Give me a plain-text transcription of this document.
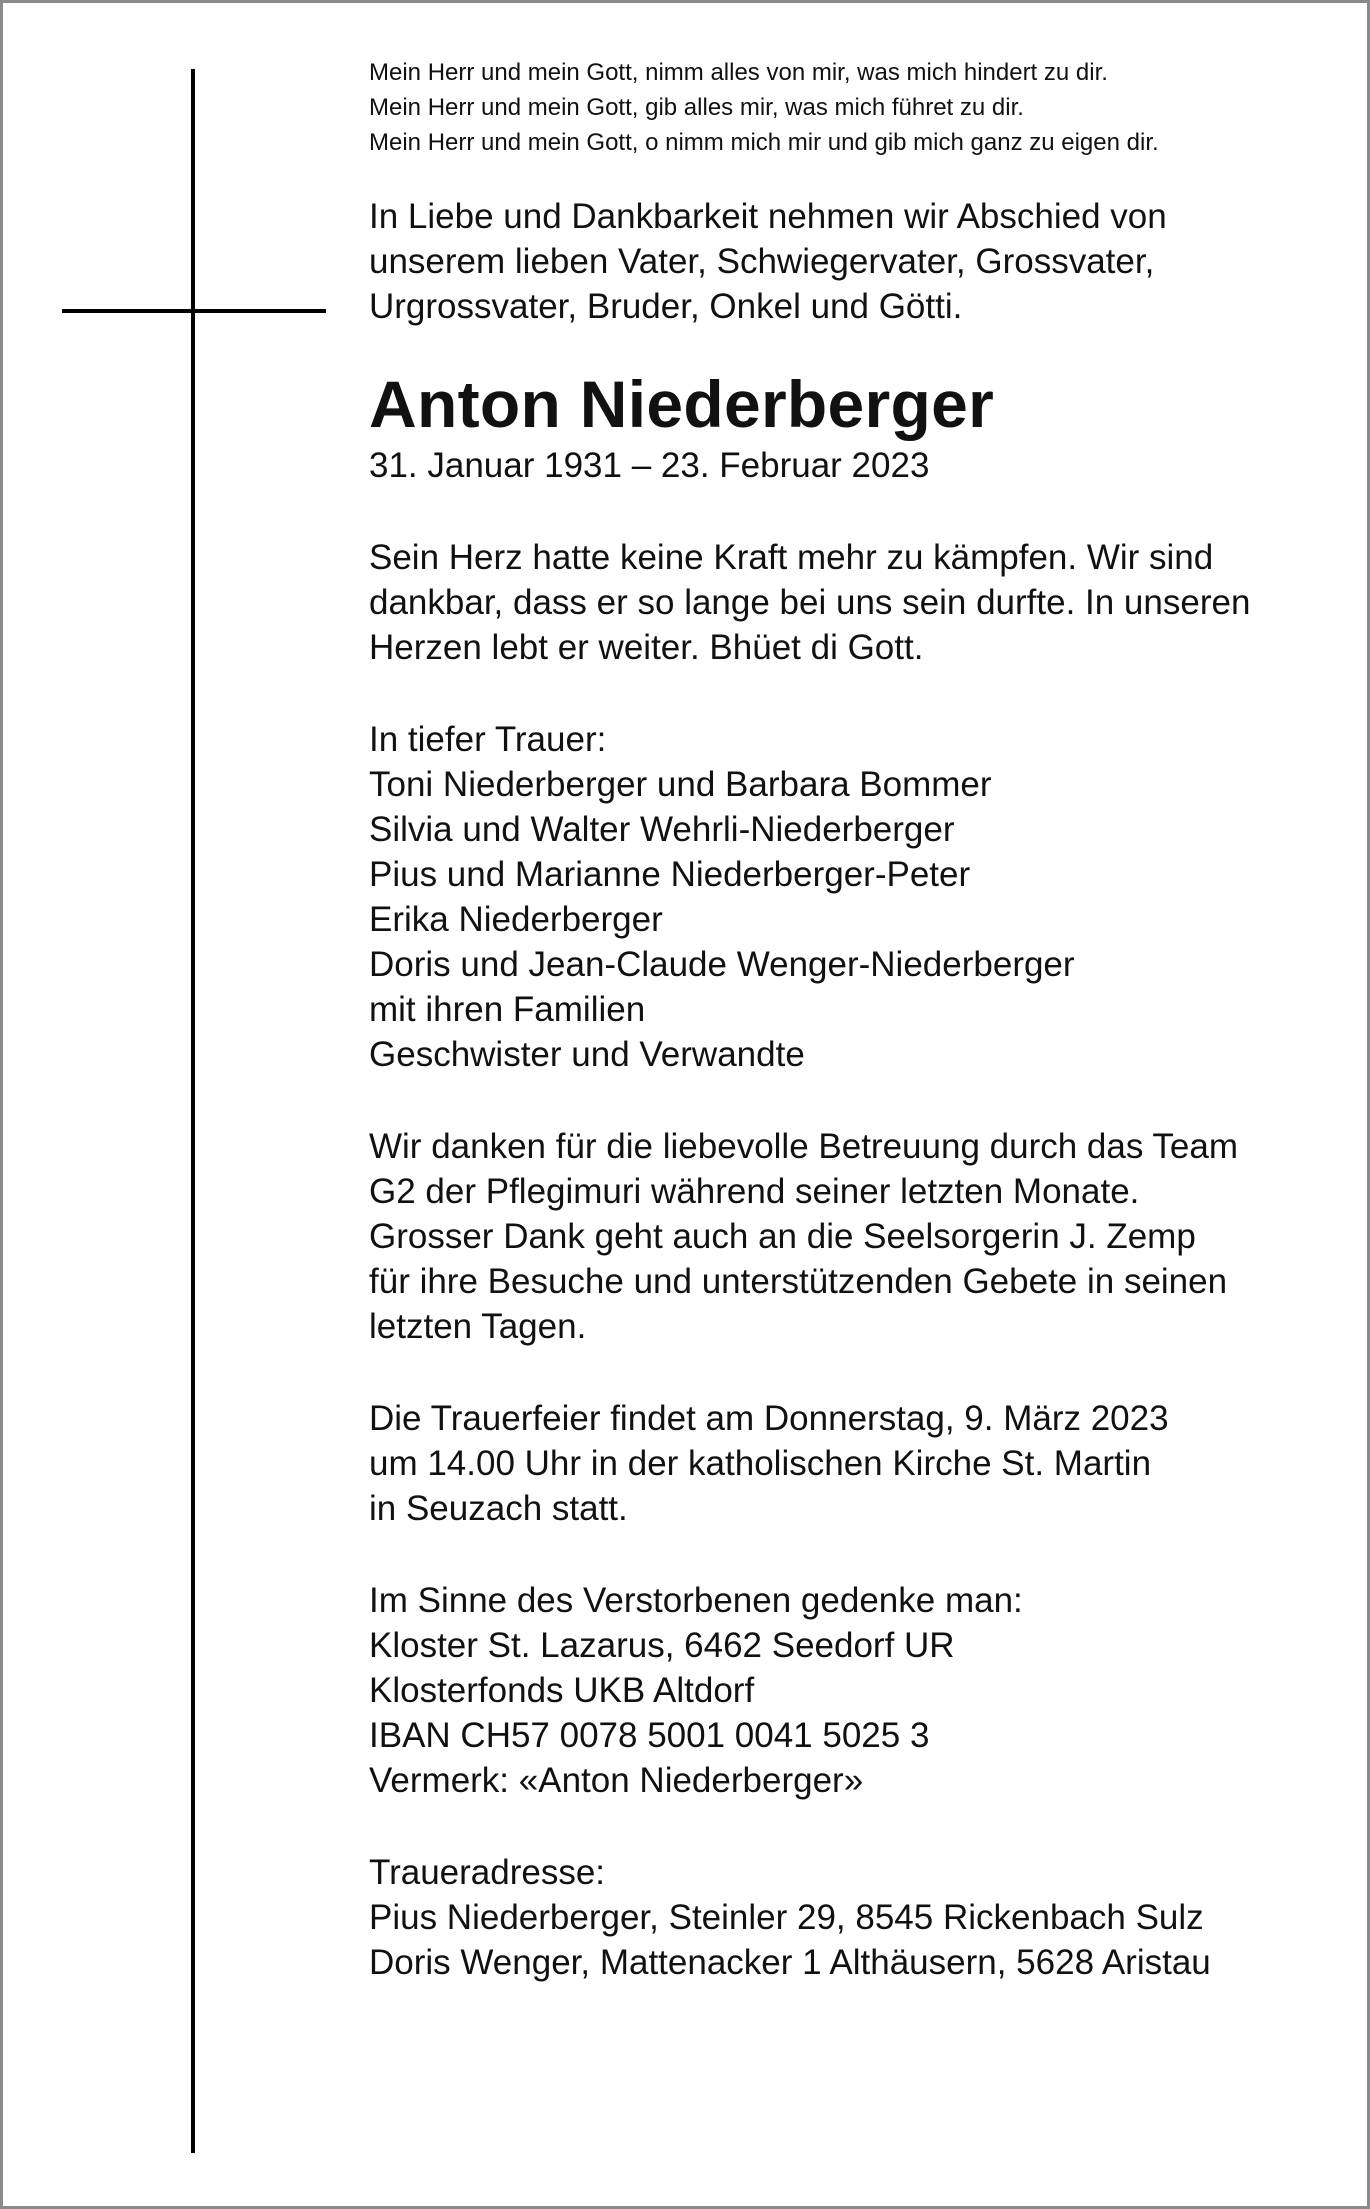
Mein Herr und mein Gott, nimm alles von mir, was mich hindert zu dir.
Mein Herr und mein Gott, gib alles mir, was mich führet zu dir.
Mein Herr und mein Gott, o nimm mich mir und gib mich ganz zu eigen dir.
In Liebe und Dankbarkeit nehmen wir Abschied von
unserem lieben Vater, Schwiegervater, Grossvater,
Urgrossvater, Bruder, Onkel und Götti.
Anton Niederberger
31. Januar 1931 – 23. Februar 2023
Sein Herz hatte keine Kraft mehr zu kämpfen. Wir sind
dankbar, dass er so lange bei uns sein durfte. In unseren
Herzen lebt er weiter. Bhüet di Gott.
In tiefer Trauer:
Toni Niederberger und Barbara Bommer
Silvia und Walter Wehrli-Niederberger
Pius und Marianne Niederberger-Peter
Erika Niederberger
Doris und Jean-Claude Wenger-Niederberger
mit ihren Familien
Geschwister und Verwandte
Wir danken für die liebevolle Betreuung durch das Team
G2 der Pflegimuri während seiner letzten Monate.
Grosser Dank geht auch an die Seelsorgerin J. Zemp
für ihre Besuche und unterstützenden Gebete in seinen
letzten Tagen.
Die Trauerfeier findet am Donnerstag, 9. März 2023
um 14.00 Uhr in der katholischen Kirche St. Martin
in Seuzach statt.
Im Sinne des Verstorbenen gedenke man:
Kloster St. Lazarus, 6462 Seedorf UR
Klosterfonds UKB Altdorf
IBAN CH57 0078 5001 0041 5025 3
Vermerk: «Anton Niederberger»
Traueradresse:
Pius Niederberger, Steinler 29, 8545 Rickenbach Sulz
Doris Wenger, Mattenacker 1 Althäusern, 5628 Aristau
